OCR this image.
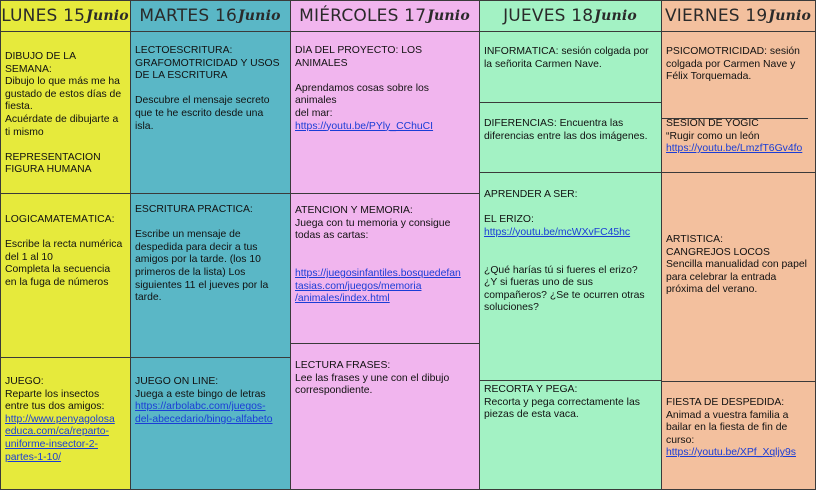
LUNES 15 Junio

DIBUJO DE LA SEMANA:

Dibujo lo que más me ha

gustado de estos días de

fiesta.

Acuérdate de dibujarte a

ti mismo

REPRESENTACION

FIGURA HUMANA

LOGICAMATEMÁTICA:

Escribe la recta numérica

del 1 al 10

Completa la secuencia

en la fuga de números

JUEGO:

Reparte los insectos

entre tus dos amigos:

http://www.penyagolosa
educa.com/ca/reparto-
uniforme-insector-2-
partes-1-10/
MARTES 16 Junio

LECTOESCRITURA:

GRAFOMOTRICIDAD Y USOS

DE LA ESCRITURA

Descubre el mensaje secreto

que te he escrito desde una

isla.

ESCRITURA PRÁCTICA:

Escribe un mensaje de

despedida para decir a tus

amigos por la tarde. (los 10

primeros de la lista) Los

siguientes 11 el jueves por la

tarde.

JUEGO ON LINE:

Juega a este bingo de letras

https://arbolabc.com/juegos-
del-abecedario/bingo-alfabeto
MIÉRCOLES 17 Junio

DÍA DEL PROYECTO: LOS ANIMALES

Aprendamos cosas sobre los

animales

del mar:

https://youtu.be/PYly_CChuCI

ATENCION Y MEMORIA:

Juega con tu memoria y consigue

todas as cartas:

https://juegosinfantiles.bosquedefan
tasias.com/juegos/memoria
/animales/index.html

LECTURA FRASES:

Lee las frases y une con el dibujo

correspondiente.

JUEVES 18 Junio

INFORMÁTICA: sesión colgada por

la señorita Carmen Nave.

DIFERENCIAS: Encuentra las

diferencias entre las dos imágenes.

APRENDER A SER:

EL ERIZO:

https://youtu.be/mcWXvFC45hc

¿Qué harías tú si fueres el erizo?

¿Y si fueras uno de sus

compañeros? ¿Se te ocurren otras

soluciones?

RECORTA Y PEGA:

Recorta y pega correctamente las

piezas de esta vaca.

VIERNES 19 Junio

PSICOMOTRICIDAD: sesión

colgada por Carmen Nave y

Félix Torquemada.

SESIÓN DE YOGIC

“Rugir como un león

https://youtu.be/LmzfT6Gv4fo

ARTÍSTICA:

CANGREJOS LOCOS

Sencilla manualidad con papel

para celebrar la entrada

próxima del verano.

FIESTA DE DESPEDIDA:

Animad a vuestra familia a

bailar en la fiesta de fin de

curso:

https://youtu.be/XPf_Xqljy9s
